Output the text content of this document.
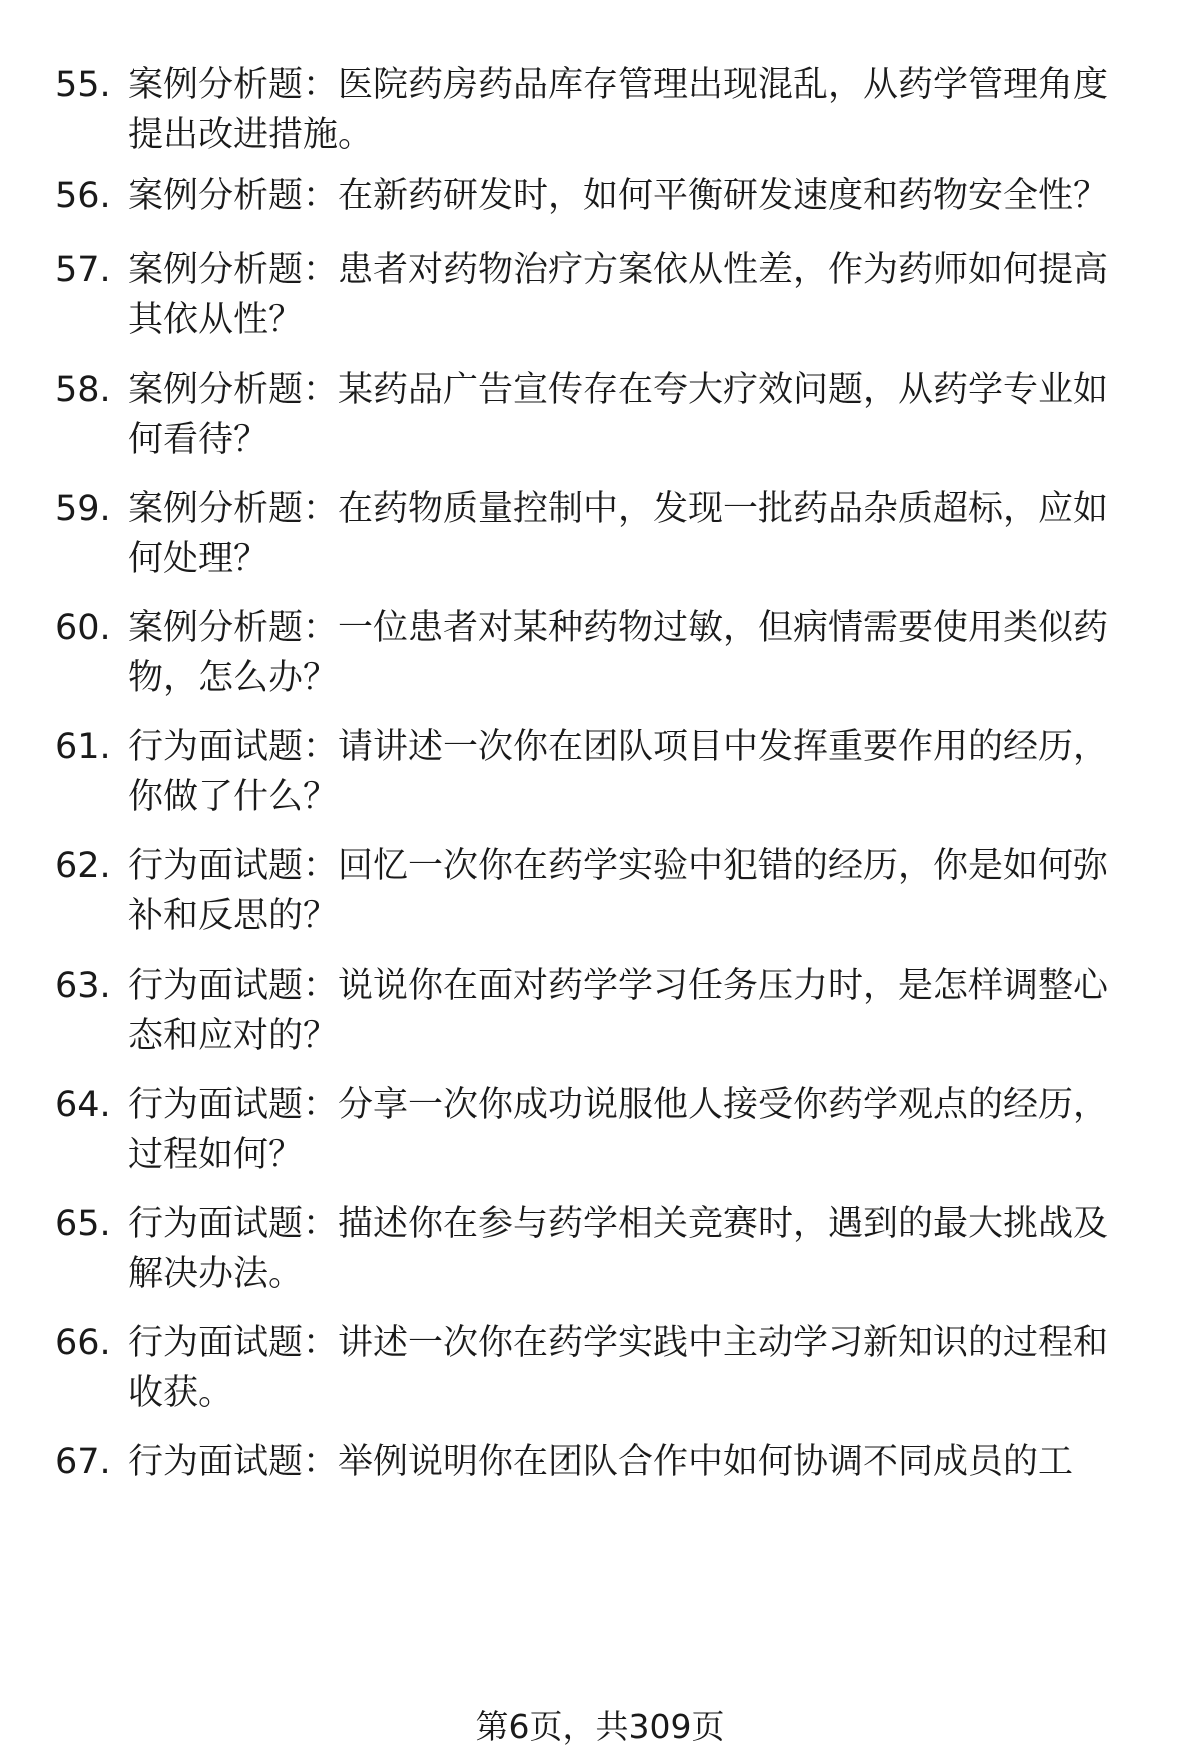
55. 案例分析题：医院药房药品库存管理出现混乱，从药学管理角度提出改进措施。
56. 案例分析题：在新药研发时，如何平衡研发速度和药物安全性？
57. 案例分析题：患者对药物治疗方案依从性差，作为药师如何提高其依从性？
58. 案例分析题：某药品广告宣传存在夸大疗效问题，从药学专业如何看待？
59. 案例分析题：在药物质量控制中，发现一批药品杂质超标，应如何处理？
60. 案例分析题：一位患者对某种药物过敏，但病情需要使用类似药物，怎么办？
61. 行为面试题：请讲述一次你在团队项目中发挥重要作用的经历，你做了什么？
62. 行为面试题：回忆一次你在药学实验中犯错的经历，你是如何弥补和反思的？
63. 行为面试题：说说你在面对药学学习任务压力时，是怎样调整心态和应对的？
64. 行为面试题：分享一次你成功说服他人接受你药学观点的经历，过程如何？
65. 行为面试题：描述你在参与药学相关竞赛时，遇到的最大挑战及解决办法。
66. 行为面试题：讲述一次你在药学实践中主动学习新知识的过程和收获。
67. 行为面试题：举例说明你在团队合作中如何协调不同成员的工
第6页，共309页
